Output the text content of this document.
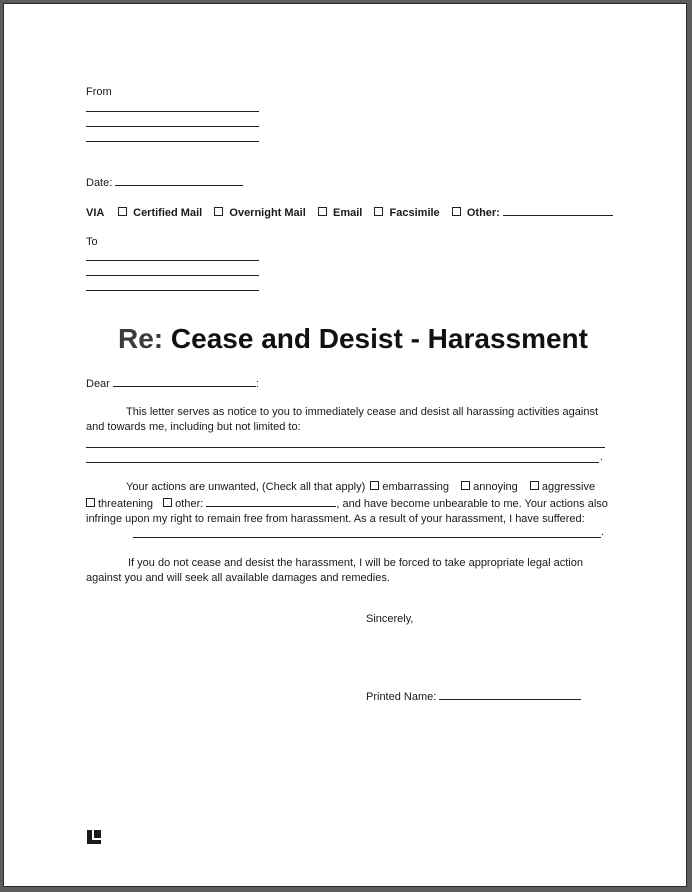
From
Date:
VIA	Certified Mail Overnight Mail Email Facsimile Other:
To
Re: Cease and Desist - Harassment
Dear	:
This letter serves as notice to you to immediately cease and desist all harassing activities against and towards me, including but not limited to:
.
Your actions are unwanted, (Check all that apply) embarrassing annoying aggressive
threatening other:	, and have become unbearable to me. Your actions also infringe upon my right to remain free from harassment. As a result of your harassment, I have suffered:
.
If you do not cease and desist the harassment, I will be forced to take appropriate legal action against you and will seek all available damages and remedies.
Sincerely,
Printed Name:
